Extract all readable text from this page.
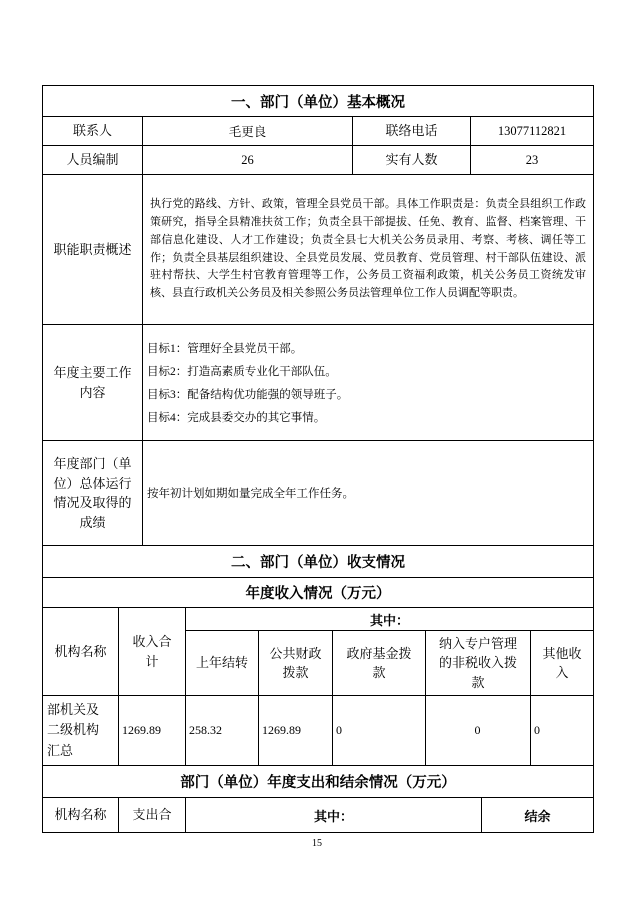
一、部门（单位）基本概况			
联系人	毛更良	联络电话	13077112821
人员编制	26	实有人数	23
职能职责概述	执行党的路线、方针、政策，管理全县党员干部。具体工作职责是：负责全县组织工作政策研究，指导全县精准扶贫工作；负责全县干部提拔、任免、教育、监督、档案管理、干部信息化建设、人才工作建设；负责全县七大机关公务员录用、考察、考核、调任等工作；负责全县基层组织建设、全县党员发展、党员教育、党员管理、村干部队伍建设、派驻村帮扶、大学生村官教育管理等工作，公务员工资福利政策，机关公务员工资统发审核、县直行政机关公务员及相关参照公务员法管理单位工作人员调配等职责。		
年度主要工作内容	目标1：管理好全县党员干部。
目标2：打造高素质专业化干部队伍。
目标3：配备结构优功能强的领导班子。
目标4：完成县委交办的其它事情。		

年度部门（单位）总体运行情况及取得的成绩	按年初计划如期如量完成全年工作任务。		
二、部门（单位）收支情况			
年度收入情况（万元）			
机构名称	收入合计	其中：				
		上年结转	公共财政拨款	政府基金拨款	纳入专户管理的非税收入拨款	其他收入
部机关及二级机构汇总	1269.89	258.32	1269.89	0	0	0
部门（单位）年度支出和结余情况（万元）
机构名称	支出合	其中：	结余
15
